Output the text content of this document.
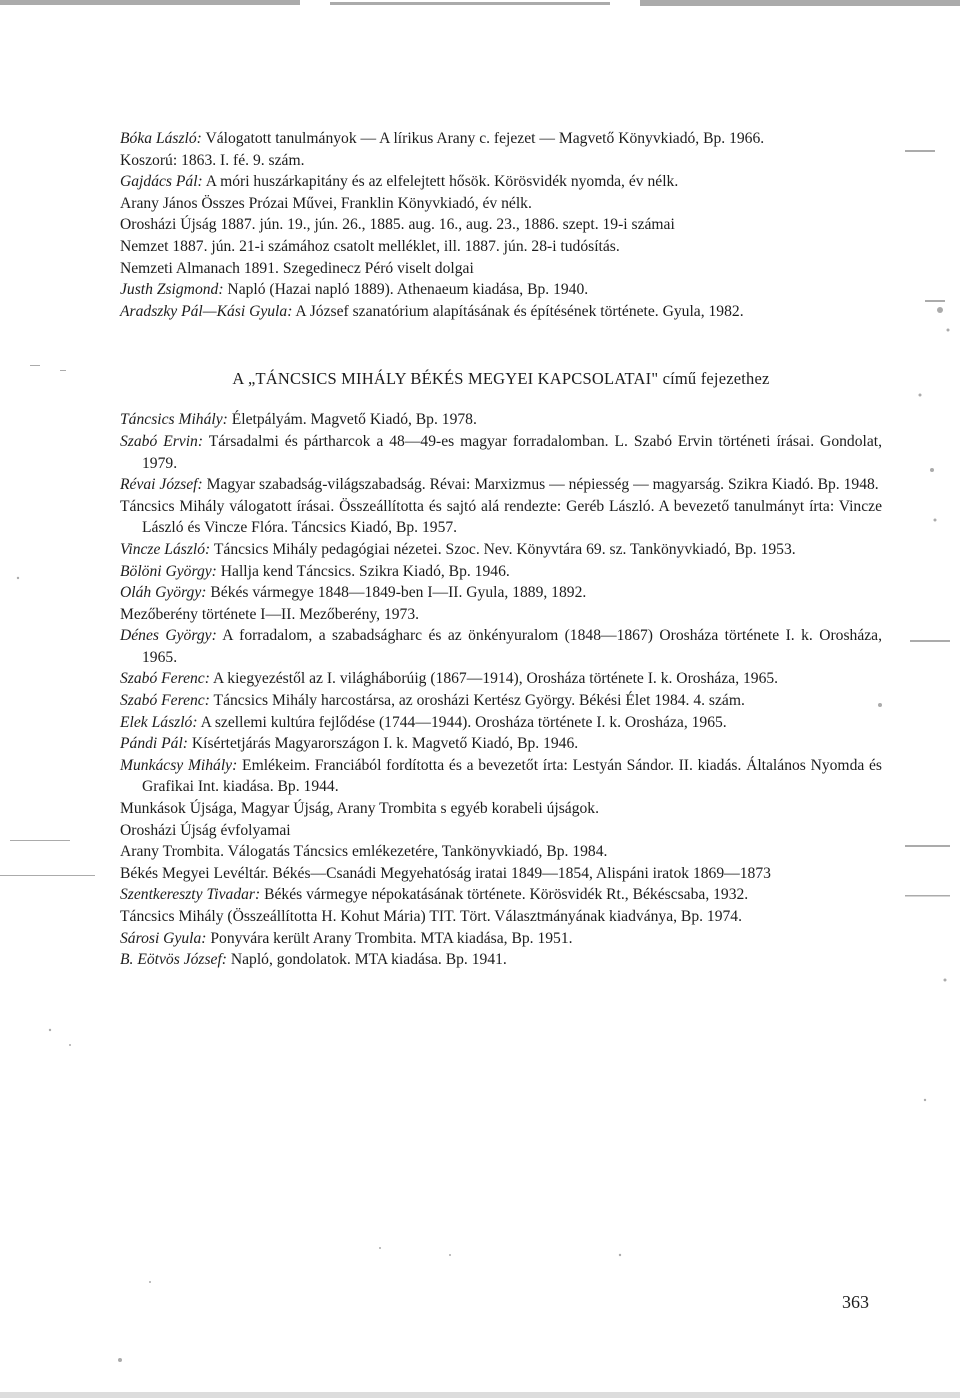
Bóka László: Válogatott tanulmányok — A lírikus Arany c. fejezet — Magvető Könyvkiadó, Bp. 1966.
Koszorú: 1863. I. fé. 9. szám.
Gajdács Pál: A móri huszárkapitány és az elfelejtett hősök. Körösvidék nyomda, év nélk.
Arany János Összes Prózai Művei, Franklin Könyvkiadó, év nélk.
Orosházi Újság 1887. jún. 19., jún. 26., 1885. aug. 16., aug. 23., 1886. szept. 19-i számai
Nemzet 1887. jún. 21-i számához csatolt melléklet, ill. 1887. jún. 28-i tudósítás.
Nemzeti Almanach 1891. Szegedinecz Péró viselt dolgai
Justh Zsigmond: Napló (Hazai napló 1889). Athenaeum kiadása, Bp. 1940.
Aradszky Pál—Kási Gyula: A József szanatórium alapításának és építésének története. Gyula, 1982.
A „TÁNCSICS MIHÁLY BÉKÉS MEGYEI KAPCSOLATAI" című fejezethez
Táncsics Mihály: Életpályám. Magvető Kiadó, Bp. 1978.
Szabó Ervin: Társadalmi és pártharcok a 48—49-es magyar forradalomban. L. Szabó Ervin történeti írásai. Gondolat, 1979.
Révai József: Magyar szabadság-világszabadság. Révai: Marxizmus — népiesség — magyarság. Szikra Kiadó. Bp. 1948.
Táncsics Mihály válogatott írásai. Összeállította és sajtó alá rendezte: Geréb László. A bevezető tanulmányt írta: Vincze László és Vincze Flóra. Táncsics Kiadó, Bp. 1957.
Vincze László: Táncsics Mihály pedagógiai nézetei. Szoc. Nev. Könyvtára 69. sz. Tankönyvkiadó, Bp. 1953.
Bölöni György: Hallja kend Táncsics. Szikra Kiadó, Bp. 1946.
Oláh György: Békés vármegye 1848—1849-ben I—II. Gyula, 1889, 1892.
Mezőberény története I—II. Mezőberény, 1973.
Dénes György: A forradalom, a szabadságharc és az önkényuralom (1848—1867) Orosháza története I. k. Orosháza, 1965.
Szabó Ferenc: A kiegyezéstől az I. világháborúig (1867—1914), Orosháza története I. k. Orosháza, 1965.
Szabó Ferenc: Táncsics Mihály harcostársa, az orosházi Kertész György. Békési Élet 1984. 4. szám.
Elek László: A szellemi kultúra fejlődése (1744—1944). Orosháza története I. k. Orosháza, 1965.
Pándi Pál: Kísértetjárás Magyarországon I. k. Magvető Kiadó, Bp. 1946.
Munkácsy Mihály: Emlékeim. Franciából fordította és a bevezetőt írta: Lestyán Sándor. II. kiadás. Általános Nyomda és Grafikai Int. kiadása. Bp. 1944.
Munkások Újsága, Magyar Újság, Arany Trombita s egyéb korabeli újságok.
Orosházi Újság évfolyamai
Arany Trombita. Válogatás Táncsics emlékezetére, Tankönyvkiadó, Bp. 1984.
Békés Megyei Levéltár. Békés—Csanádi Megyehatóság iratai 1849—1854, Alispáni iratok 1869—1873
Szentkereszty Tivadar: Békés vármegye népokatásának története. Körösvidék Rt., Békéscsaba, 1932.
Táncsics Mihály (Összeállította H. Kohut Mária) TIT. Tört. Választmányának kiadványa, Bp. 1974.
Sárosi Gyula: Ponyvára került Arany Trombita. MTA kiadása, Bp. 1951.
B. Eötvös József: Napló, gondolatok. MTA kiadása. Bp. 1941.
363
